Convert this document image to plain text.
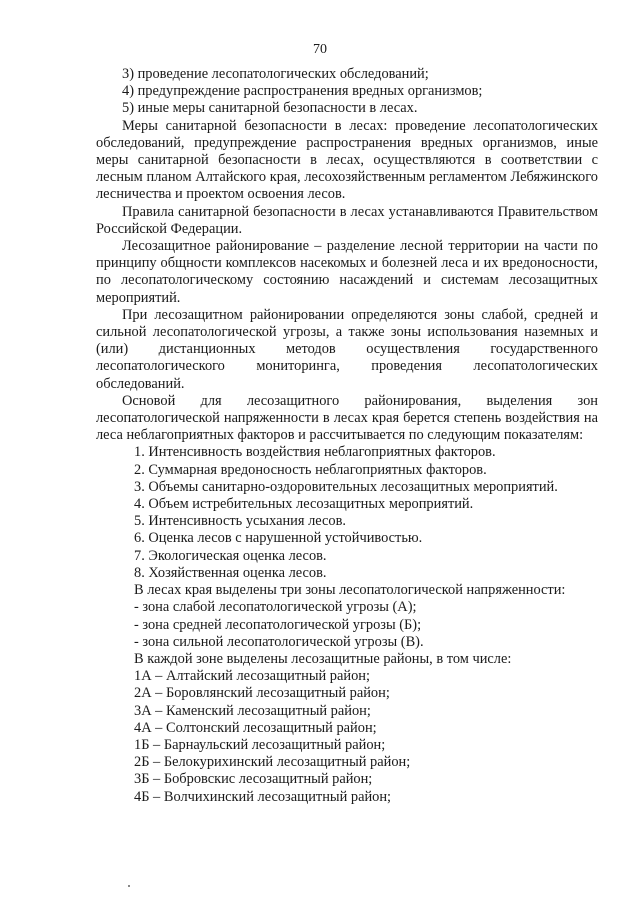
70

3) проведение лесопатологических обследований;

4) предупреждение распространения вредных организмов;

5) иные меры санитарной безопасности в лесах.

Меры санитарной безопасности в лесах: проведение лесопатологических обследований, предупреждение распространения вредных организмов, иные меры санитарной безопасности в лесах, осуществляются в соответствии с лесным планом Алтайского края, лесохозяйственным регламентом Лебяжинского лесничества и проектом освоения лесов.

Правила санитарной безопасности в лесах устанавливаются Правительством Российской Федерации.

Лесозащитное районирование – разделение лесной территории на части по принципу общности комплексов насекомых и болезней леса и их вредоносности, по лесопатологическому состоянию насаждений и системам лесозащитных мероприятий.

При лесозащитном районировании определяются зоны слабой, средней и сильной лесопатологической угрозы, а также зоны использования наземных и (или) дистанционных методов осуществления государственного лесопатологического мониторинга, проведения лесопатологических обследований.

Основой для лесозащитного районирования, выделения зон лесопатологической напряженности в лесах края берется степень воздействия на леса неблагоприятных факторов и рассчитывается по следующим показателям:

1. Интенсивность воздействия неблагоприятных факторов.

2. Суммарная вредоносность неблагоприятных факторов.

3. Объемы санитарно-оздоровительных лесозащитных мероприятий.

4. Объем истребительных лесозащитных мероприятий.

5. Интенсивность усыхания лесов.

6. Оценка лесов с нарушенной устойчивостью.

7. Экологическая оценка лесов.

8. Хозяйственная оценка лесов.

В лесах края выделены три зоны лесопатологической напряженности:

- зона слабой лесопатологической угрозы (А);

- зона средней лесопатологической угрозы (Б);

- зона сильной лесопатологической угрозы (В).

В каждой зоне выделены лесозащитные районы, в том числе:

1А – Алтайский лесозащитный район;

2А – Боровлянский лесозащитный район;

3А – Каменский лесозащитный район;

4А – Солтонский лесозащитный район;

1Б – Барнаульский лесозащитный район;

2Б – Белокурихинский лесозащитный район;

3Б – Бобровскис лесозащитный район;

4Б – Волчихинский лесозащитный район;
